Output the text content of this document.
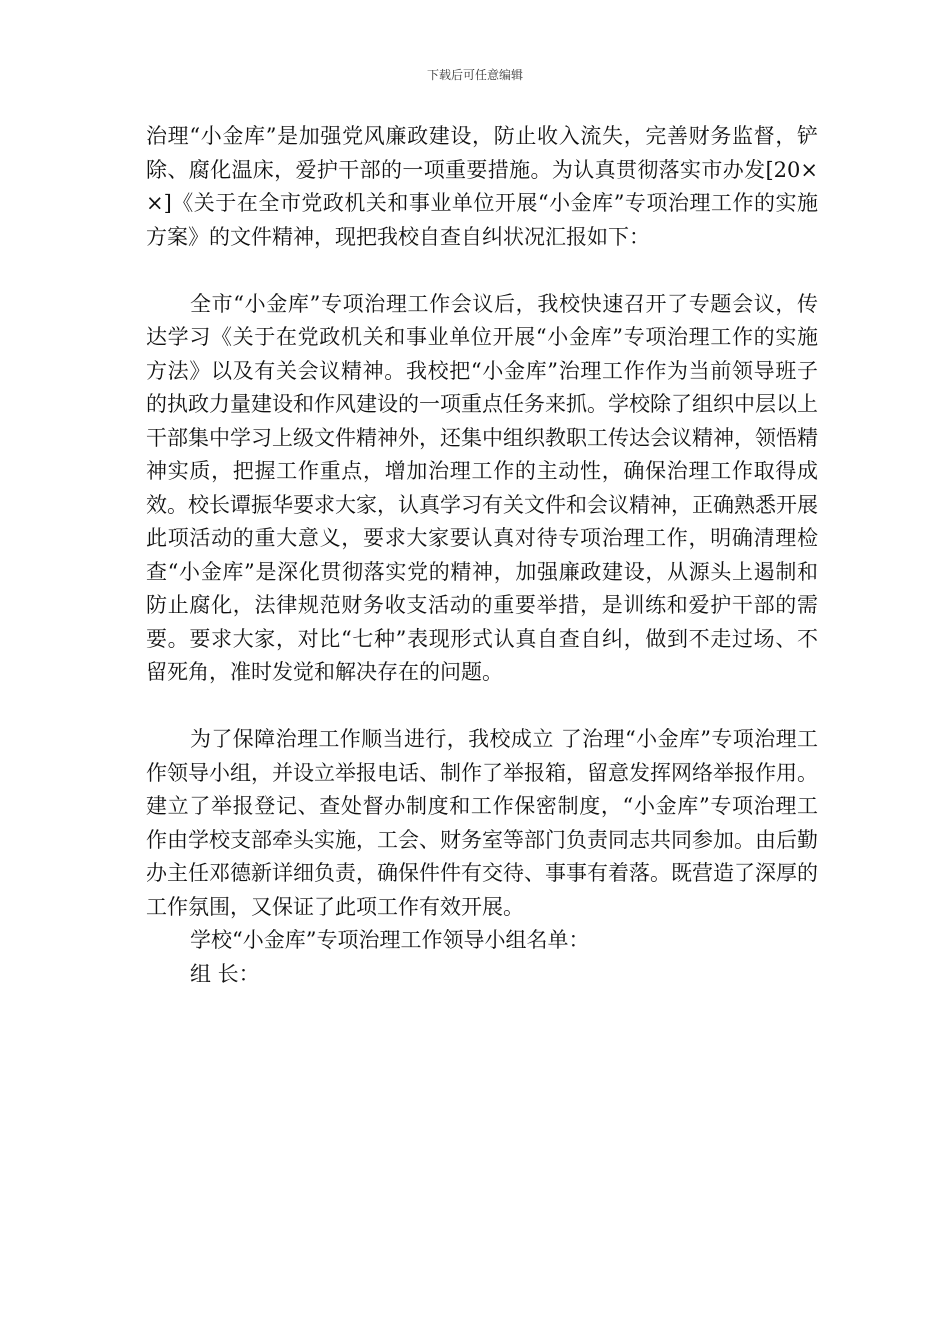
下载后可任意编辑

治理“小金库”是加强党风廉政建设，防止收入流失，完善财务监督，铲除、腐化温床，爱护干部的一项重要措施。为认真贯彻落实市办发[20××]《关于在全市党政机关和事业单位开展“小金库”专项治理工作的实施方案》的文件精神，现把我校自查自纠状况汇报如下：

全市“小金库”专项治理工作会议后，我校快速召开了专题会议，传达学习《关于在党政机关和事业单位开展“小金库”专项治理工作的实施方法》以及有关会议精神。我校把“小金库”治理工作作为当前领导班子的执政力量建设和作风建设的一项重点任务来抓。学校除了组织中层以上干部集中学习上级文件精神外，还集中组织教职工传达会议精神，领悟精神实质，把握工作重点，增加治理工作的主动性，确保治理工作取得成效。校长谭振华要求大家，认真学习有关文件和会议精神，正确熟悉开展此项活动的重大意义，要求大家要认真对待专项治理工作，明确清理检查“小金库”是深化贯彻落实党的精神，加强廉政建设，从源头上遏制和防止腐化，法律规范财务收支活动的重要举措，是训练和爱护干部的需要。要求大家，对比“七种”表现形式认真自查自纠，做到不走过场、不留死角，准时发觉和解决存在的问题。

为了保障治理工作顺当进行，我校成立 了治理“小金库”专项治理工作领导小组，并设立举报电话、制作了举报箱，留意发挥网络举报作用。建立了举报登记、查处督办制度和工作保密制度，“小金库”专项治理工作由学校支部牵头实施，工会、财务室等部门负责同志共同参加。由后勤办主任邓德新详细负责，确保件件有交待、事事有着落。既营造了深厚的工作氛围，又保证了此项工作有效开展。

学校“小金库”专项治理工作领导小组名单：

组 长：
